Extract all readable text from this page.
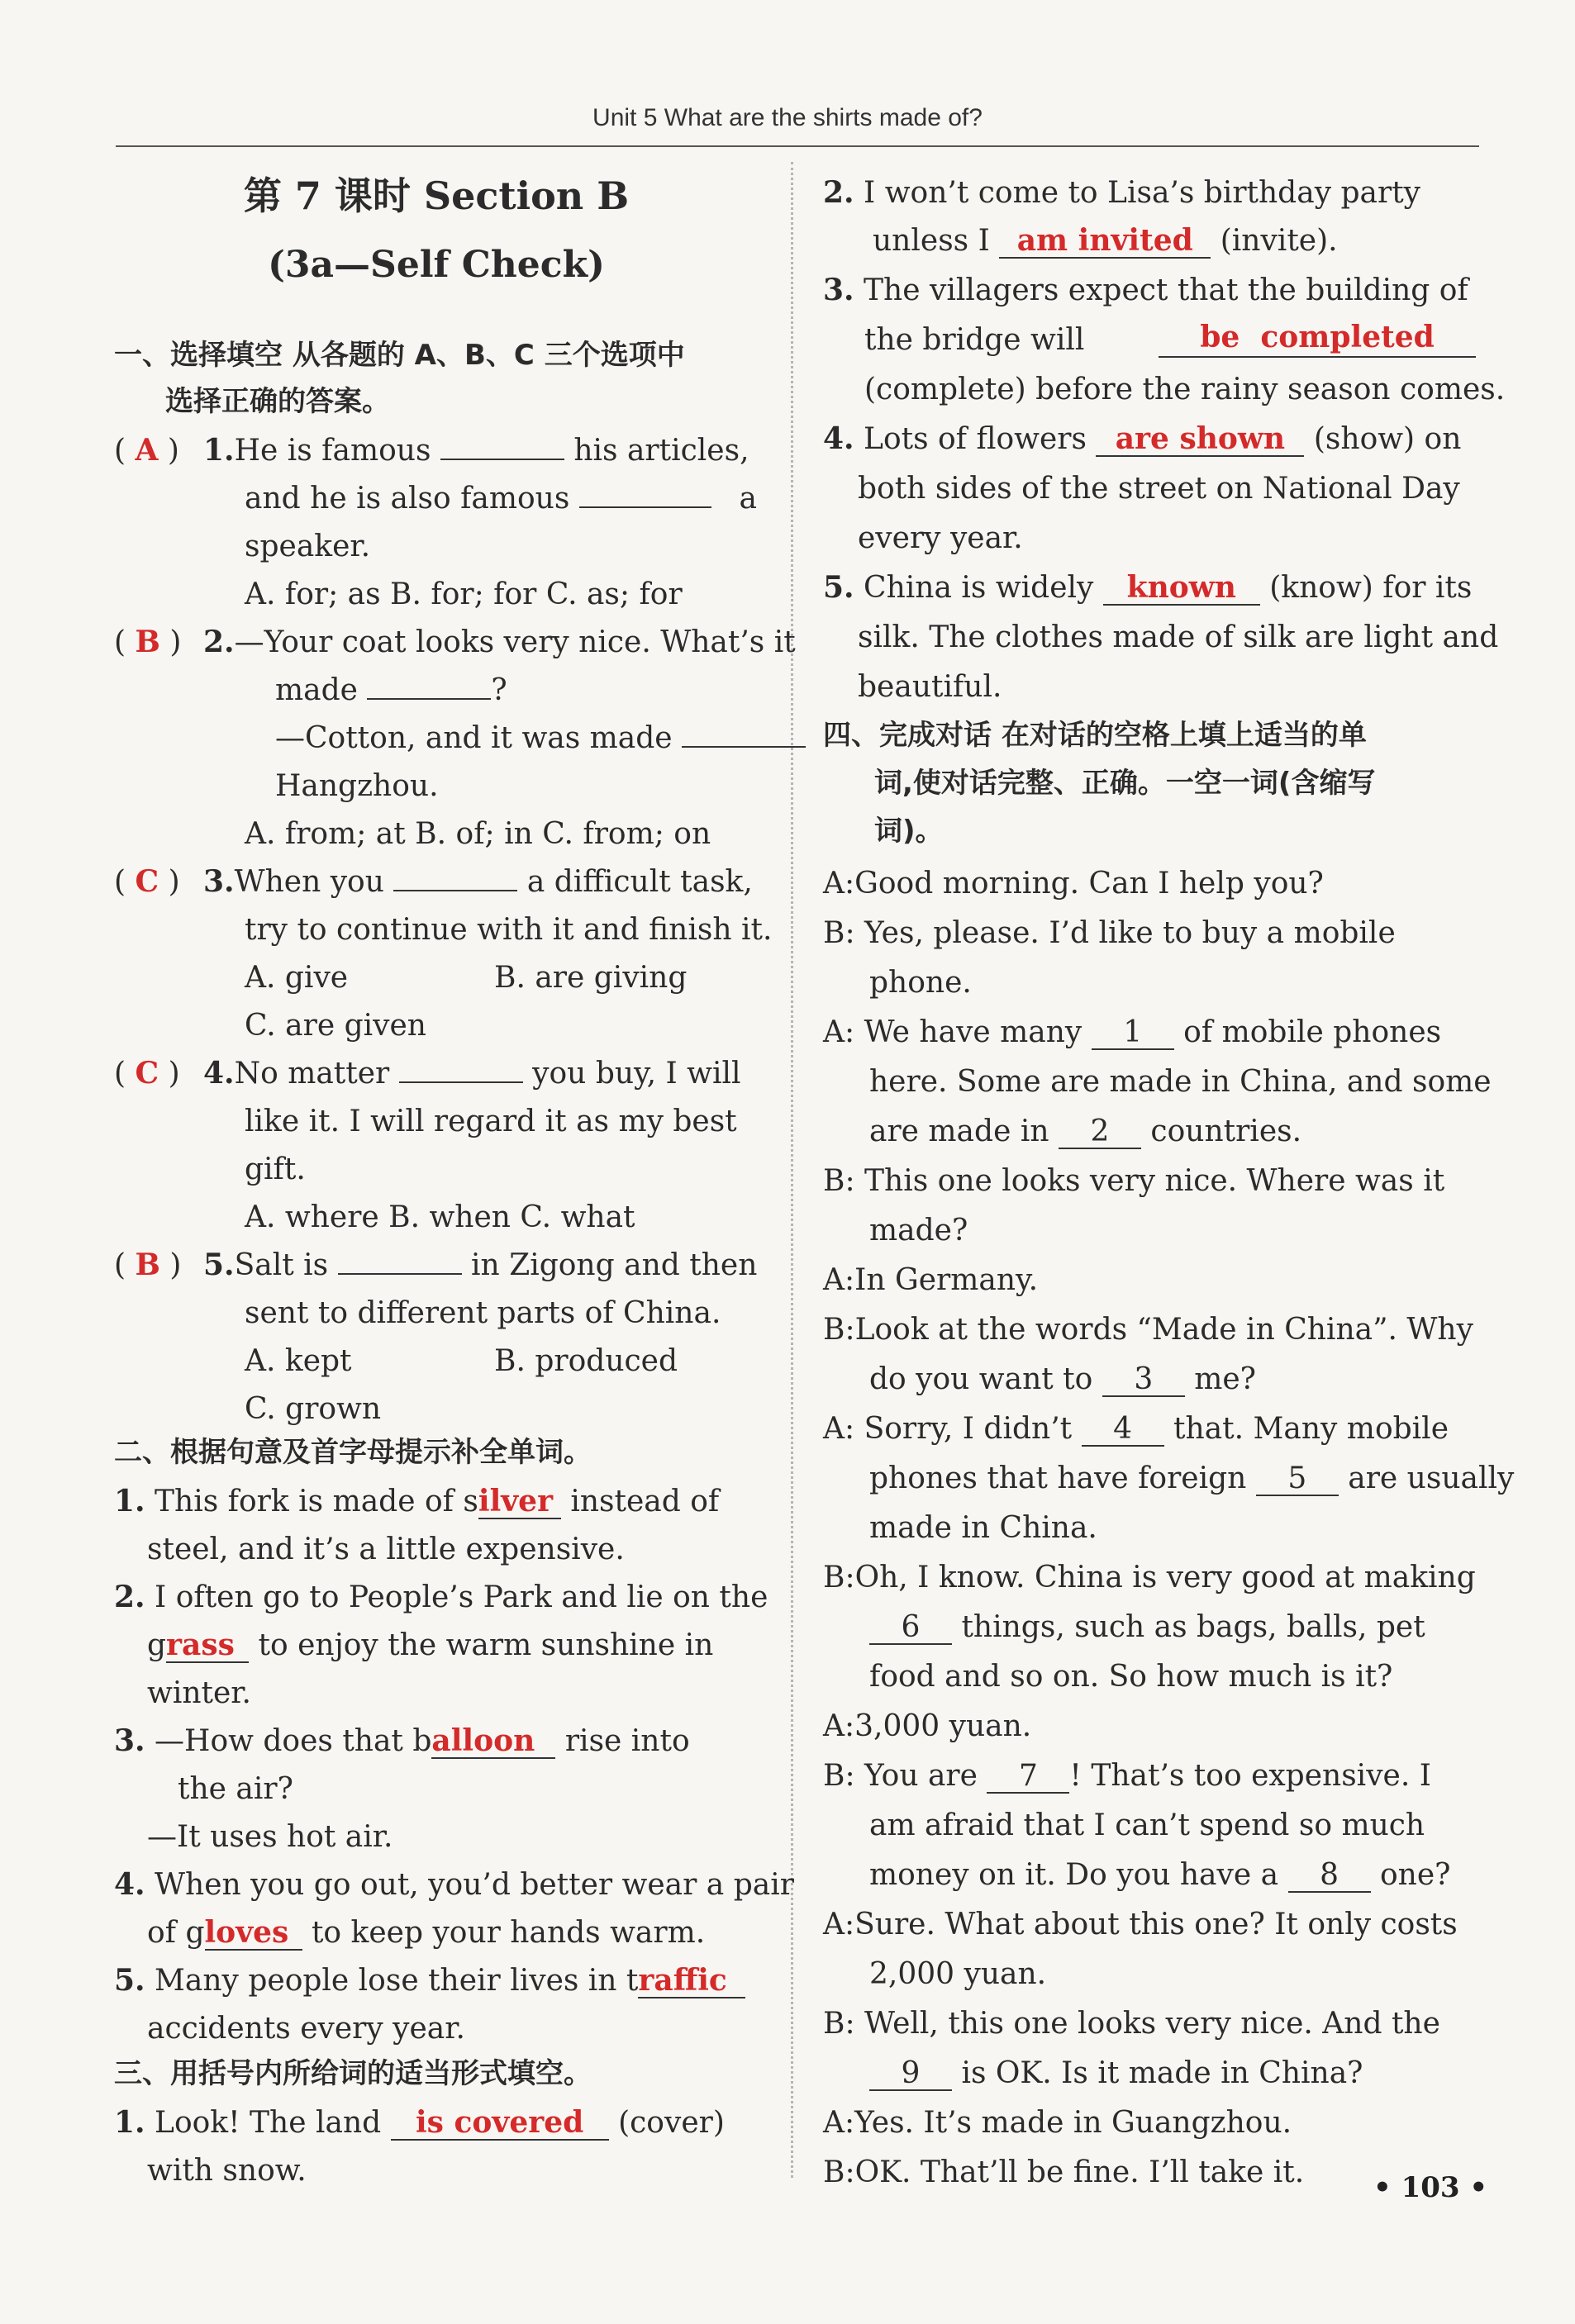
Unit 5 What are the shirts made of?
第 7 课时 Section B
(3a—Self Check)
一、选择填空 从各题的 A、B、C 三个选项中
选择正确的答案。
( A ) 1.He is famous	his articles,
and he is also famous	a
speaker.
A. for; as B. for; for C. as; for
( B ) 2.—Your coat looks very nice. What’s it
made	?
—Cotton, and it was made
Hangzhou.
A. from; at B. of; in C. from; on
( C ) 3.When you	a difficult task,
try to continue with it and finish it.
A. give	B. are giving
C. are given
( C ) 4.No matter	you buy, I will
like it. I will regard it as my best
gift.
A. where B. when C. what
( B ) 5.Salt is	in Zigong and then
sent to different parts of China.
A. kept	B. produced
C. grown
二、根据句意及首字母提示补全单词。
1. This fork is made of silver instead of
steel, and it’s a little expensive.
2. I often go to People’s Park and lie on the
grass to enjoy the warm sunshine in
winter.
3. —How does that balloon rise into
the air?
—It uses hot air.
4. When you go out, you’d better wear a pair
of gloves to keep your hands warm.
5. Many people lose their lives in traffic
accidents every year.
三、用括号内所给词的适当形式填空。
1. Look! The land is covered (cover)
with snow.
2. I won’t come to Lisa’s birthday party
unless I am invited (invite).
3. The villagers expect that the building of
the bridge will	be  completed
(complete) before the rainy season comes.
4. Lots of flowers are shown (show) on
both sides of the street on National Day
every year.
5. China is widely known (know) for its
silk. The clothes made of silk are light and
beautiful.
四、完成对话 在对话的空格上填上适当的单
词,使对话完整、正确。一空一词(含缩写
词)。
A:Good morning. Can I help you?
B: Yes, please. I’d like to buy a mobile
phone.
A: We have many 1 of mobile phones
here. Some are made in China, and some
are made in 2 countries.
B: This one looks very nice. Where was it
made?
A:In Germany.
B:Look at the words “Made in China”. Why
do you want to 3 me?
A: Sorry, I didn’t 4 that. Many mobile
phones that have foreign 5 are usually
made in China.
B:Oh, I know. China is very good at making
6 things, such as bags, balls, pet
food and so on. So how much is it?
A:3,000 yuan.
B: You are 7 ! That’s too expensive. I
am afraid that I can’t spend so much
money on it. Do you have a 8 one?
A:Sure. What about this one? It only costs
2,000 yuan.
B: Well, this one looks very nice. And the
9 is OK. Is it made in China?
A:Yes. It’s made in Guangzhou.
B:OK. That’ll be fine. I’ll take it. • 103 •
